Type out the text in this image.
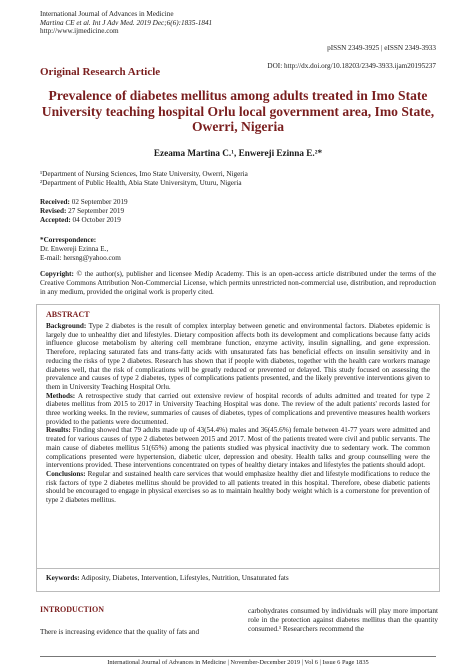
International Journal of Advances in Medicine
Martina CE et al. Int J Adv Med. 2019 Dec;6(6):1835-1841
http://www.ijmedicine.com
pISSN 2349-3925 | eISSN 2349-3933
DOI: http://dx.doi.org/10.18203/2349-3933.ijam20195237
Original Research Article
Prevalence of diabetes mellitus among adults treated in Imo State University teaching hospital Orlu local government area, Imo State, Owerri, Nigeria
Ezeama Martina C.¹, Enwereji Ezinna E.²*
¹Department of Nursing Sciences, Imo State University, Owerri, Nigeria
²Department of Public Health, Abia State Universitym, Uturu, Nigeria
Received: 02 September 2019
Revised: 27 September 2019
Accepted: 04 October 2019
*Correspondence:
Dr. Enwereji Ezinna E.,
E-mail: hersng@yahoo.com
Copyright: © the author(s), publisher and licensee Medip Academy. This is an open-access article distributed under the terms of the Creative Commons Attribution Non-Commercial License, which permits unrestricted non-commercial use, distribution, and reproduction in any medium, provided the original work is properly cited.
ABSTRACT
Background: Type 2 diabetes is the result of complex interplay between genetic and environmental factors. Diabetes epidemic is largely due to unhealthy diet and lifestyles. Dietary composition affects both its development and complications because fatty acids influence glucose metabolism by altering cell membrane function, enzyme activity, insulin signalling, and gene expression. Therefore, replacing saturated fats and trans-fatty acids with unsaturated fats has beneficial effects on insulin sensitivity and in reducing the risks of type 2 diabetes. Research has shown that if people with diabetes, together with the health care workers manage diabetes well, that the risk of complications will be greatly reduced or prevented or delayed. This study focused on assessing the prevalence and causes of type 2 diabetes, types of complications patients presented, and the likely preventive interventions given to them in University Teaching Hospital Orlu.
Methods: A retrospective study that carried out extensive review of hospital records of adults admitted and treated for type 2 diabetes mellitus from 2015 to 2017 in University Teaching Hospital was done. The review of the adult patients' records lasted for three working weeks. In the review, summaries of causes of diabetes, types of complications and preventive measures health workers provided to the patients were documented.
Results: Finding showed that 79 adults made up of 43(54.4%) males and 36(45.6%) female between 41-77 years were admitted and treated for various causes of type 2 diabetes between 2015 and 2017. Most of the patients treated were civil and public servants. The main cause of diabetes mellitus 51(65%) among the patients studied was physical inactivity due to sedentary work. The common complications presented were hypertension, diabetic ulcer, depression and obesity. Health talks and group counselling were the interventions provided. These interventions concentrated on types of healthy dietary intakes and lifestyles the patients should adopt.
Conclusions: Regular and sustained health care services that would emphasize healthy diet and lifestyle modifications to reduce the risk factors of type 2 diabetes mellitus should be provided to all patients treated in this hospital. Therefore, obese diabetic patients should be encouraged to engage in physical exercises so as to maintain healthy body weight which is a cornerstone for prevention of type 2 diabetes mellitus.
Keywords: Adiposity, Diabetes, Intervention, Lifestyles, Nutrition, Unsaturated fats
INTRODUCTION
There is increasing evidence that the quality of fats and
carbohydrates consumed by individuals will play more important role in the protection against diabetes mellitus than the quantity consumed.¹ Researchers recommend the
International Journal of Advances in Medicine | November-December 2019 | Vol 6 | Issue 6 Page 1835
